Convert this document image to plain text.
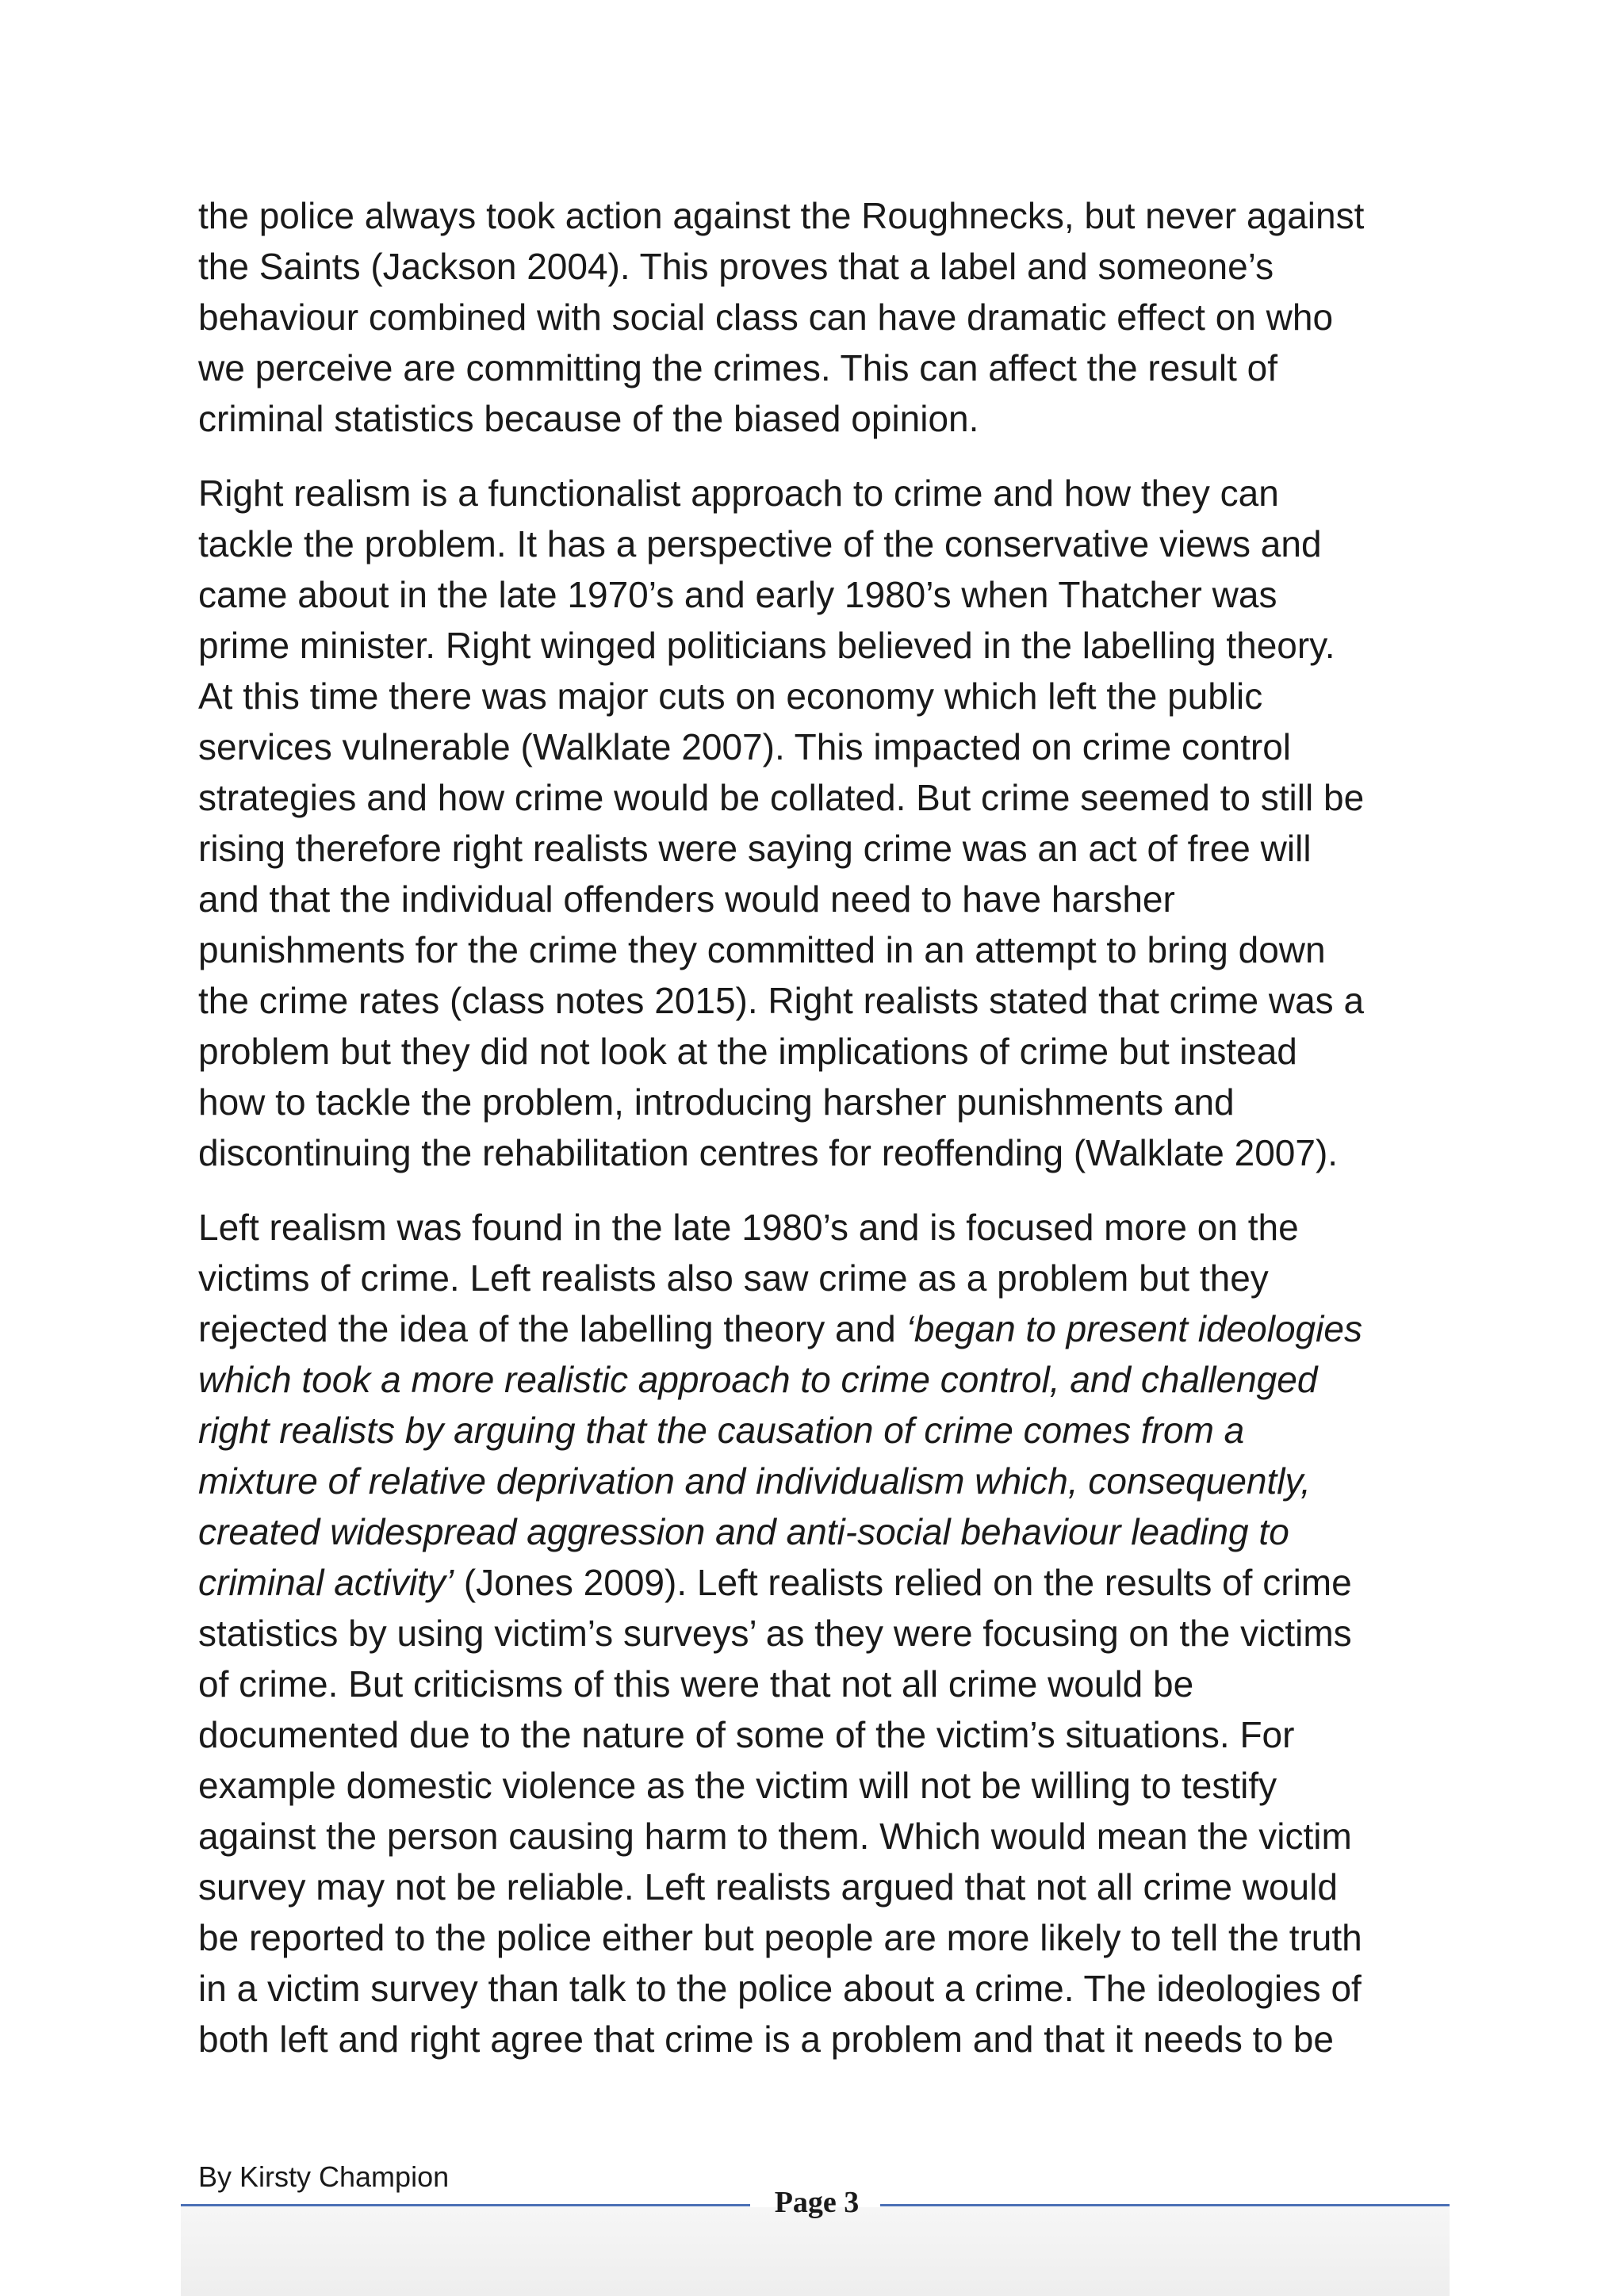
the police always took action against the Roughnecks, but never against
the Saints (Jackson 2004). This proves that a label and someone’s
behaviour combined with social class can have dramatic effect on who
we perceive are committing the crimes. This can affect the result of
criminal statistics because of the biased opinion.
Right realism is a functionalist approach to crime and how they can
tackle the problem. It has a perspective of the conservative views and
came about in the late 1970’s and early 1980’s when Thatcher was
prime minister. Right winged politicians believed in the labelling theory.
At this time there was major cuts on economy which left the public
services vulnerable (Walklate 2007). This impacted on crime control
strategies and how crime would be collated. But crime seemed to still be
rising therefore right realists were saying crime was an act of free will
and that the individual offenders would need to have harsher
punishments for the crime they committed in an attempt to bring down
the crime rates (class notes 2015). Right realists stated that crime was a
problem but they did not look at the implications of crime but instead
how to tackle the problem, introducing harsher punishments and
discontinuing the rehabilitation centres for reoffending (Walklate 2007).
Left realism was found in the late 1980’s and is focused more on the
victims of crime. Left realists also saw crime as a problem but they
rejected the idea of the labelling theory and ‘began to present ideologies
which took a more realistic approach to crime control, and challenged
right realists by arguing that the causation of crime comes from a
mixture of relative deprivation and individualism which, consequently,
created widespread aggression and anti-social behaviour leading to
criminal activity’ (Jones 2009). Left realists relied on the results of crime
statistics by using victim’s surveys’ as they were focusing on the victims
of crime. But criticisms of this were that not all crime would be
documented due to the nature of some of the victim’s situations. For
example domestic violence as the victim will not be willing to testify
against the person causing harm to them. Which would mean the victim
survey may not be reliable. Left realists argued that not all crime would
be reported to the police either but people are more likely to tell the truth
in a victim survey than talk to the police about a crime. The ideologies of
both left and right agree that crime is a problem and that it needs to be
By Kirsty Champion
Page 3
